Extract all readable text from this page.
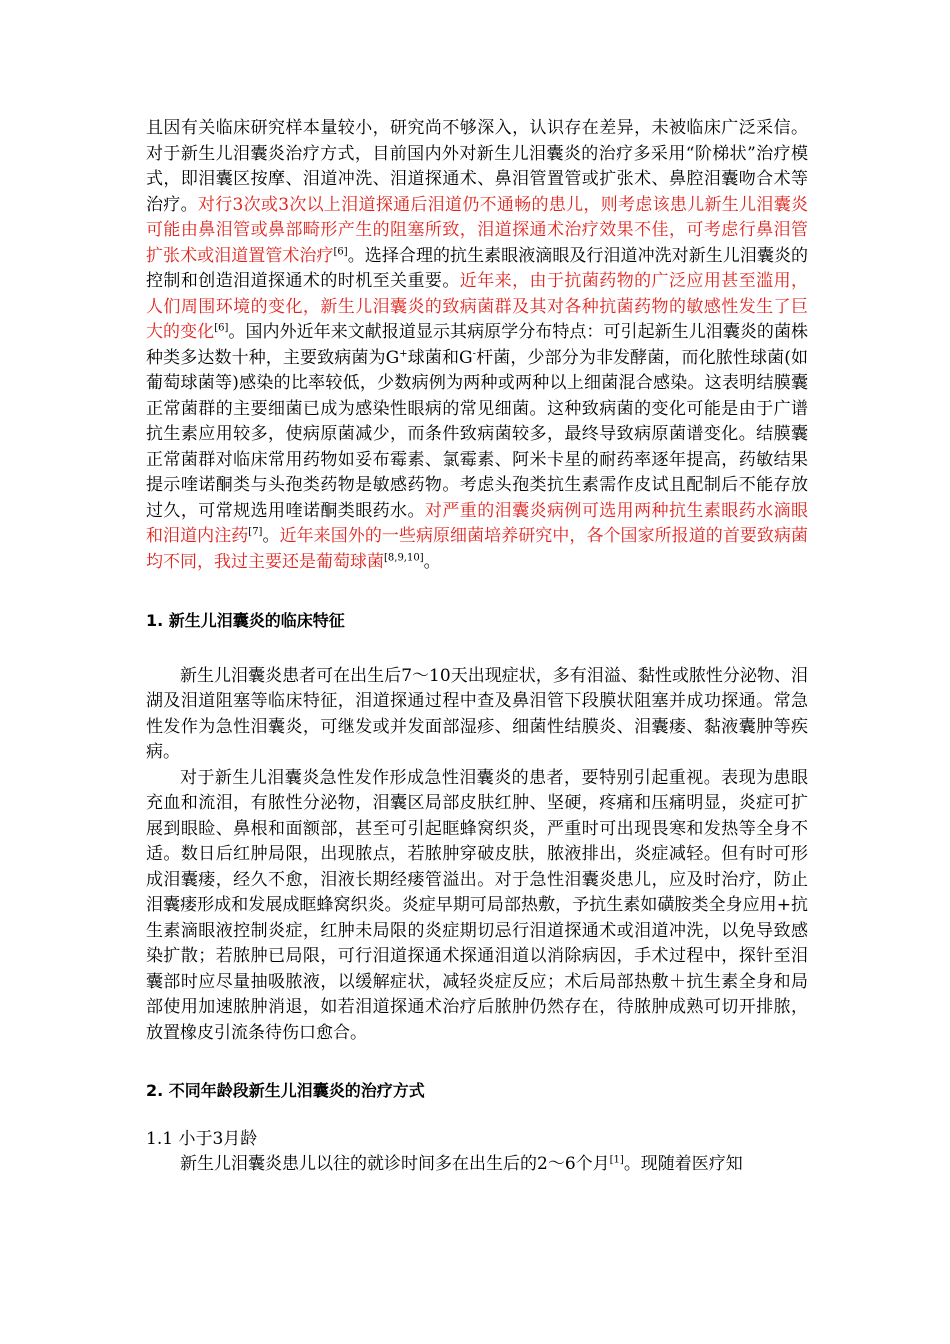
且因有关临床研究样本量较小，研究尚不够深入，认识存在差异，未被临床广泛采信。对于新生儿泪囊炎治疗方式，目前国内外对新生儿泪囊炎的治疗多采用“阶梯状”治疗模式，即泪囊区按摩、泪道冲洗、泪道探通术、鼻泪管置管或扩张术、鼻腔泪囊吻合术等治疗。对行3次或3次以上泪道探通后泪道仍不通畅的患儿，则考虑该患儿新生儿泪囊炎可能由鼻泪管或鼻部畸形产生的阻塞所致，泪道探通术治疗效果不佳，可考虑行鼻泪管扩张术或泪道置管术治疗[6]。选择合理的抗生素眼液滴眼及行泪道冲洗对新生儿泪囊炎的控制和创造泪道探通术的时机至关重要。近年来，由于抗菌药物的广泛应用甚至滥用，人们周围环境的变化，新生儿泪囊炎的致病菌群及其对各种抗菌药物的敏感性发生了巨大的变化[6]。国内外近年来文献报道显示其病原学分布特点：可引起新生儿泪囊炎的菌株种类多达数十种，主要致病菌为G+球菌和G-杆菌，少部分为非发酵菌，而化脓性球菌(如葡萄球菌等)感染的比率较低，少数病例为两种或两种以上细菌混合感染。这表明结膜囊正常菌群的主要细菌已成为感染性眼病的常见细菌。这种致病菌的变化可能是由于广谱抗生素应用较多，使病原菌减少，而条件致病菌较多，最终导致病原菌谱变化。结膜囊正常菌群对临床常用药物如妥布霉素、氯霉素、阿米卡星的耐药率逐年提高，药敏结果提示喹诺酮类与头孢类药物是敏感药物。考虑头孢类抗生素需作皮试且配制后不能存放过久，可常规选用喹诺酮类眼药水。对严重的泪囊炎病例可选用两种抗生素眼药水滴眼和泪道内注药[7]。近年来国外的一些病原细菌培养研究中，各个国家所报道的首要致病菌均不同，我过主要还是葡萄球菌[8,9,10]。

1. 新生儿泪囊炎的临床特征

新生儿泪囊炎患者可在出生后7～10天出现症状，多有泪溢、黏性或脓性分泌物、泪湖及泪道阻塞等临床特征，泪道探通过程中查及鼻泪管下段膜状阻塞并成功探通。常急性发作为急性泪囊炎，可继发或并发面部湿疹、细菌性结膜炎、泪囊瘘、黏液囊肿等疾病。

对于新生儿泪囊炎急性发作形成急性泪囊炎的患者，要特别引起重视。表现为患眼充血和流泪，有脓性分泌物，泪囊区局部皮肤红肿、坚硬，疼痛和压痛明显，炎症可扩展到眼睑、鼻根和面额部，甚至可引起眶蜂窝织炎，严重时可出现畏寒和发热等全身不适。数日后红肿局限，出现脓点，若脓肿穿破皮肤，脓液排出，炎症减轻。但有时可形成泪囊瘘，经久不愈，泪液长期经瘘管溢出。对于急性泪囊炎患儿，应及时治疗，防止泪囊瘘形成和发展成眶蜂窝织炎。炎症早期可局部热敷，予抗生素如磺胺类全身应用+抗生素滴眼液控制炎症，红肿未局限的炎症期切忌行泪道探通术或泪道冲洗，以免导致感染扩散；若脓肿已局限，可行泪道探通术探通泪道以消除病因，手术过程中，探针至泪囊部时应尽量抽吸脓液，以缓解症状，减轻炎症反应；术后局部热敷＋抗生素全身和局部使用加速脓肿消退，如若泪道探通术治疗后脓肿仍然存在，待脓肿成熟可切开排脓，放置橡皮引流条待伤口愈合。

2. 不同年龄段新生儿泪囊炎的治疗方式

1.1 小于3月龄

新生儿泪囊炎患儿以往的就诊时间多在出生后的2～6个月[1]。现随着医疗知
